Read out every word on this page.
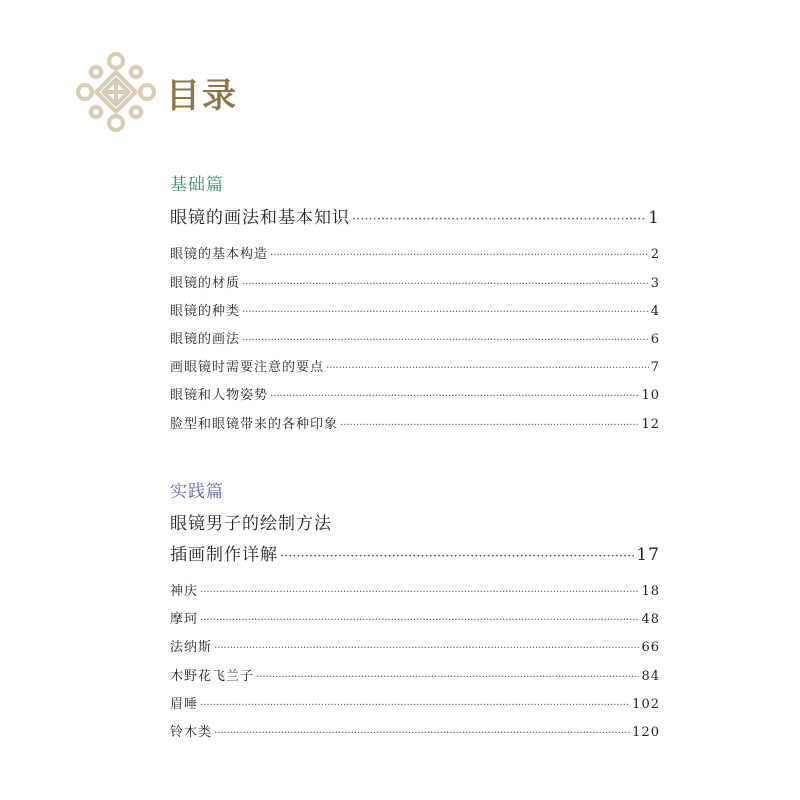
目录
基础篇
眼镜的画法和基本知识 ·····	1
眼镜的基本构造 ·····	2
眼镜的材质 ·····	3
眼镜的种类 ·····	4
眼镜的画法 ·····	6
画眼镜时需要注意的要点 ·····	7
眼镜和人物姿势 ·····	10
脸型和眼镜带来的各种印象 ·····	12
实践篇
眼镜男子的绘制方法
插画制作详解 ·····	17
神庆 ·····	18
摩珂 ·····	48
法纳斯 ·····	66
木野花飞兰子 ·····	84
眉唾 ·····	102
铃木类 ·····	120
